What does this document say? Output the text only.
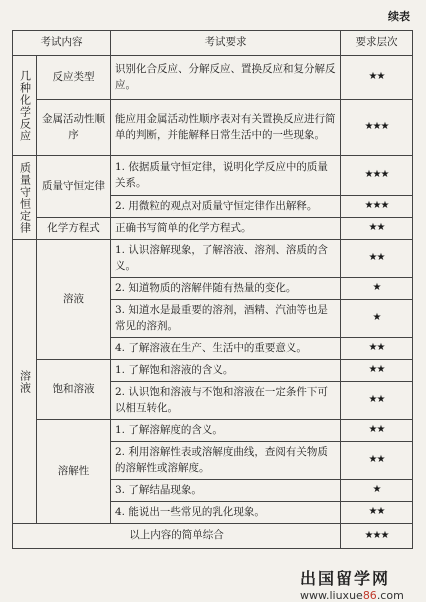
续表
考试内容		考试要求	要求层次

几种化学反应	反应类型	识别化合反应、分解反应、置换反应和复分解反应。	★★
	金属活动性顺序	能应用金属活动性顺序表对有关置换反应进行简单的判断，并能解释日常生活中的一些现象。	★★★

质量守恒定律	质量守恒定律	1. 依据质量守恒定律，说明化学反应中的质量关系。	★★★
		2. 用微粒的观点对质量守恒定律作出解释。	★★★
	化学方程式	正确书写简单的化学方程式。	★★

溶液	溶液	1. 认识溶解现象，了解溶液、溶剂、溶质的含义。	★★
		2. 知道物质的溶解伴随有热量的变化。	★
		3. 知道水是最重要的溶剂，酒精、汽油等也是常见的溶剂。	★
		4. 了解溶液在生产、生活中的重要意义。	★★
	饱和溶液	1. 了解饱和溶液的含义。	★★
		2. 认识饱和溶液与不饱和溶液在一定条件下可以相互转化。	★★
	溶解性	1. 了解溶解度的含义。	★★
		2. 利用溶解性表或溶解度曲线，查阅有关物质的溶解性或溶解度。	★★
		3. 了解结晶现象。	★
		4. 能说出一些常见的乳化现象。	★★
以上内容的简单综合			★★★
出国留学网
www.liuxue86.com
